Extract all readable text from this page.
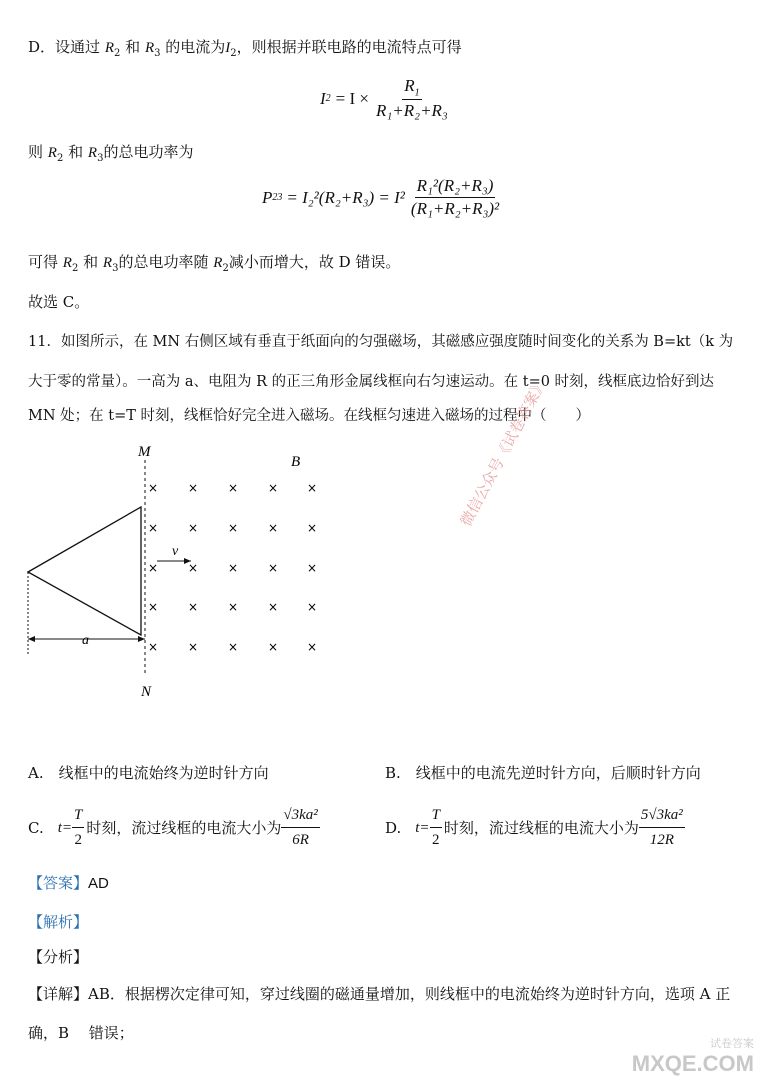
D．设通过 $R_2$ 和 $R_3$ 的电流为$I_2$，则根据并联电路的电流特点可得
I $2 = I \times \frac{R_1}{\text{R₁+R₂+R₃}}$
则 $R_2$ 和 $R_3$的总电功率为
P $23 = I_2^2(R_2+R_3) = I^2 \frac{\text{R₁²(R₂+R₃)}}{\text{(R₁+R₂+R₃)²}}$
可得 $R_2$ 和 $R_3$的总电功率随 $R_2$减小而增大，故 D 错误。
故选 C。
11．如图所示，在 MN 右侧区域有垂直于纸面向的匀强磁场，其磁感应强度随时间变化的关系为 B=kt（k 为
大于零的常量）。一高为 a、电阻为 R 的正三角形金属线框向右匀速运动。在 t=0 时刻，线框底边恰好到达
MN 处；在 t=T 时刻，线框恰好完全进入磁场。在线框匀速进入磁场的过程中（　　）
M
N
B
v
a
× × × × ×
× × × × ×
× × × × ×
× × × × ×
× × × × ×
微信公众号《试卷答案》
A.　线框中的电流始终为逆时针方向	B.　线框中的电流先逆时针方向，后顺时针方向
C. $t= \frac{T}{2}$ 时刻，流过线框的电流大小为 $\frac{\text{√3ka²}}{6R}$	D. $t= \frac{T}{2}$ 时刻，流过线框的电流大小为 $\frac{\text{5√3ka²}}{12R}$
【答案】AD
【解析】
【分析】
【详解】AB．根据楞次定律可知，穿过线圈的磁通量增加，则线框中的电流始终为逆时针方向，选项 A 正
确，B　 错误；
试卷答案
MXQE.COM
